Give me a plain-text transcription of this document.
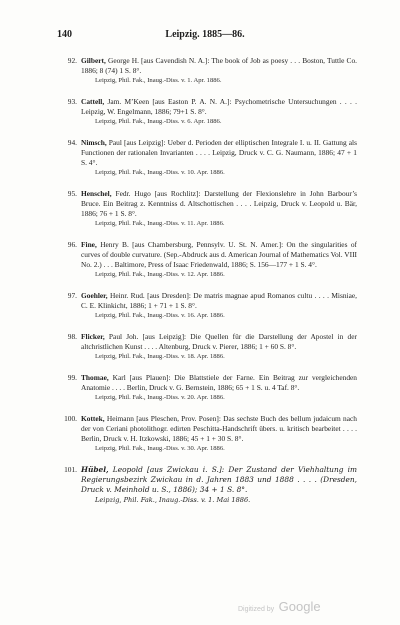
140	Leipzig. 1885—86.
92. Gilbert, George H. [aus Cavendish N. A.]: The book of Job as poesy . . . Boston, Tuttle Co. 1886; 8 (74) 1 S. 8°.
Leipzig, Phil. Fak., Inaug.-Diss. v. 1. Apr. 1886.
93. Cattell, Jam. M’Keen [aus Easton P. A. N. A.]: Psychometrische Untersuchungen . . . . Leipzig, W. Engelmann, 1886; 79+1 S. 8°.
Leipzig, Phil. Fak., Inaug.-Diss. v. 6. Apr. 1886.
94. Nimsch, Paul [aus Leipzig]: Ueber d. Perioden der elliptischen Integrale I. u. II. Gattung als Functionen der rationalen Invarianten . . . . Leipzig, Druck v. C. G. Naumann, 1886; 47 + 1 S. 4°.
Leipzig, Phil. Fak., Inaug.-Diss. v. 10. Apr. 1886.
95. Henschel, Fedr. Hugo [aus Rochlitz]: Darstellung der Flexionslehre in John Barbour’s Bruce. Ein Beitrag z. Kenntniss d. Altschottischen . . . . Leipzig, Druck v. Leopold u. Bär, 1886; 76 + 1 S. 8°.
Leipzig, Phil. Fak., Inaug.-Diss. v. 11. Apr. 1886.
96. Fine, Henry B. [aus Chambersburg, Pennsylv. U. St. N. Amer.]: On the singularities of curves of double curvature. (Sep.-Abdruck aus d. American Journal of Mathematics Vol. VIII No. 2.) . . . Baltimore, Press of Isaac Friedenwald, 1886; S. 156—177 + 1 S. 4°.
Leipzig, Phil. Fak., Inaug.-Diss. v. 12. Apr. 1886.
97. Goehler, Heinr. Rud. [aus Dresden]: De matris magnae apud Romanos cultu . . . . Misniae, C. E. Klinkicht, 1886; 1 + 71 + 1 S. 8°.
Leipzig, Phil. Fak., Inaug.-Diss. v. 16. Apr. 1886.
98. Flicker, Paul Joh. [aus Leipzig]: Die Quellen für die Darstellung der Apostel in der altchristlichen Kunst . . . . Altenburg, Druck v. Pierer, 1886; 1 + 60 S. 8°.
Leipzig, Phil. Fak., Inaug.-Diss. v. 18. Apr. 1886.
99. Thomae, Karl [aus Plauen]: Die Blattstiele der Farne. Ein Beitrag zur vergleichenden Anatomie . . . . Berlin, Druck v. G. Bernstein, 1886; 65 + 1 S. u. 4 Taf. 8°.
Leipzig, Phil. Fak., Inaug.-Diss. v. 20. Apr. 1886.
100. Kottek, Heimann [aus Pleschen, Prov. Posen]: Das sechste Buch des bellum judaicum nach der von Ceriani photolithogr. edirten Peschitta-Handschrift übers. u. kritisch bearbeitet . . . . Berlin, Druck v. H. Itzkowski, 1886; 45 + 1 + 30 S. 8°.
Leipzig, Phil. Fak., Inaug.-Diss. v. 30. Apr. 1886.
101. Hübel, Leopold [aus Zwickau i. S.]: Der Zustand der Viehhaltung im Regierungsbezirk Zwickau in d. Jahren 1883 und 1888 . . . . (Dresden, Druck v. Meinhold u. S., 1886); 34 + 1 S. 8°.
Leipzig, Phil. Fak., Inaug.-Diss. v. 1. Mai 1886.
Digitized by Google
